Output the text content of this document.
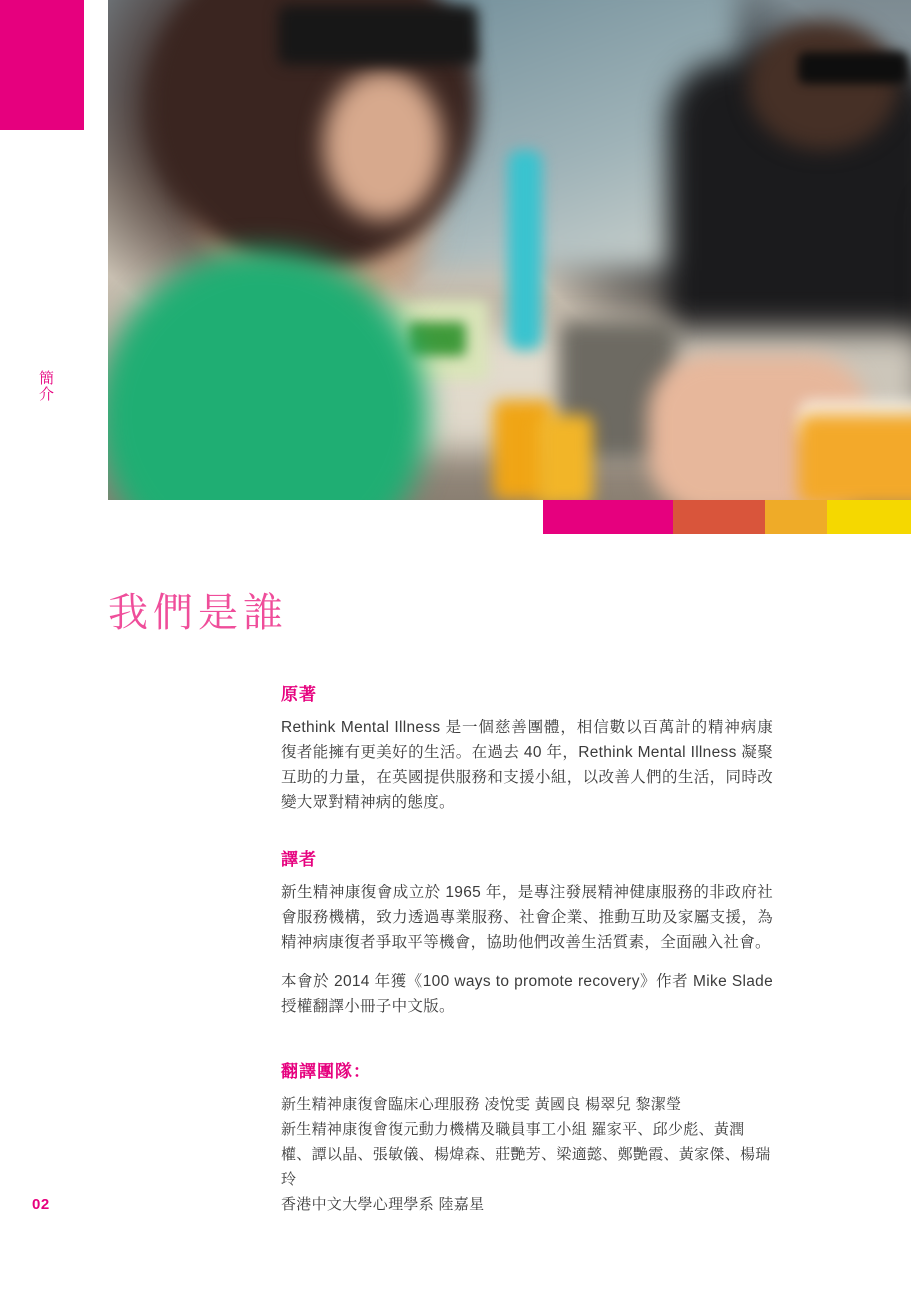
簡介
02
我們是誰
原著

Rethink Mental Illness 是一個慈善團體，相信數以百萬計的精神病康復者能擁有更美好的生活。在過去 40 年，Rethink Mental Illness 凝聚互助的力量，在英國提供服務和支援小組，以改善人們的生活，同時改變大眾對精神病的態度。

譯者

新生精神康復會成立於 1965 年，是專注發展精神健康服務的非政府社會服務機構，致力透過專業服務、社會企業、推動互助及家屬支援，為精神病康復者爭取平等機會，協助他們改善生活質素，全面融入社會。

本會於 2014 年獲《100 ways to promote recovery》作者 Mike Slade 授權翻譯小冊子中文版。

翻譯團隊：
新生精神康復會臨床心理服務 凌悅雯 黃國良 楊翠兒 黎潔瑩
新生精神康復會復元動力機構及職員事工小組 羅家平、邱少彪、黃潤權、譚以晶、張敏儀、楊煒森、莊艷芳、梁適懿、鄭艷霞、黃家傑、楊瑞玲
香港中文大學心理學系 陸嘉星
